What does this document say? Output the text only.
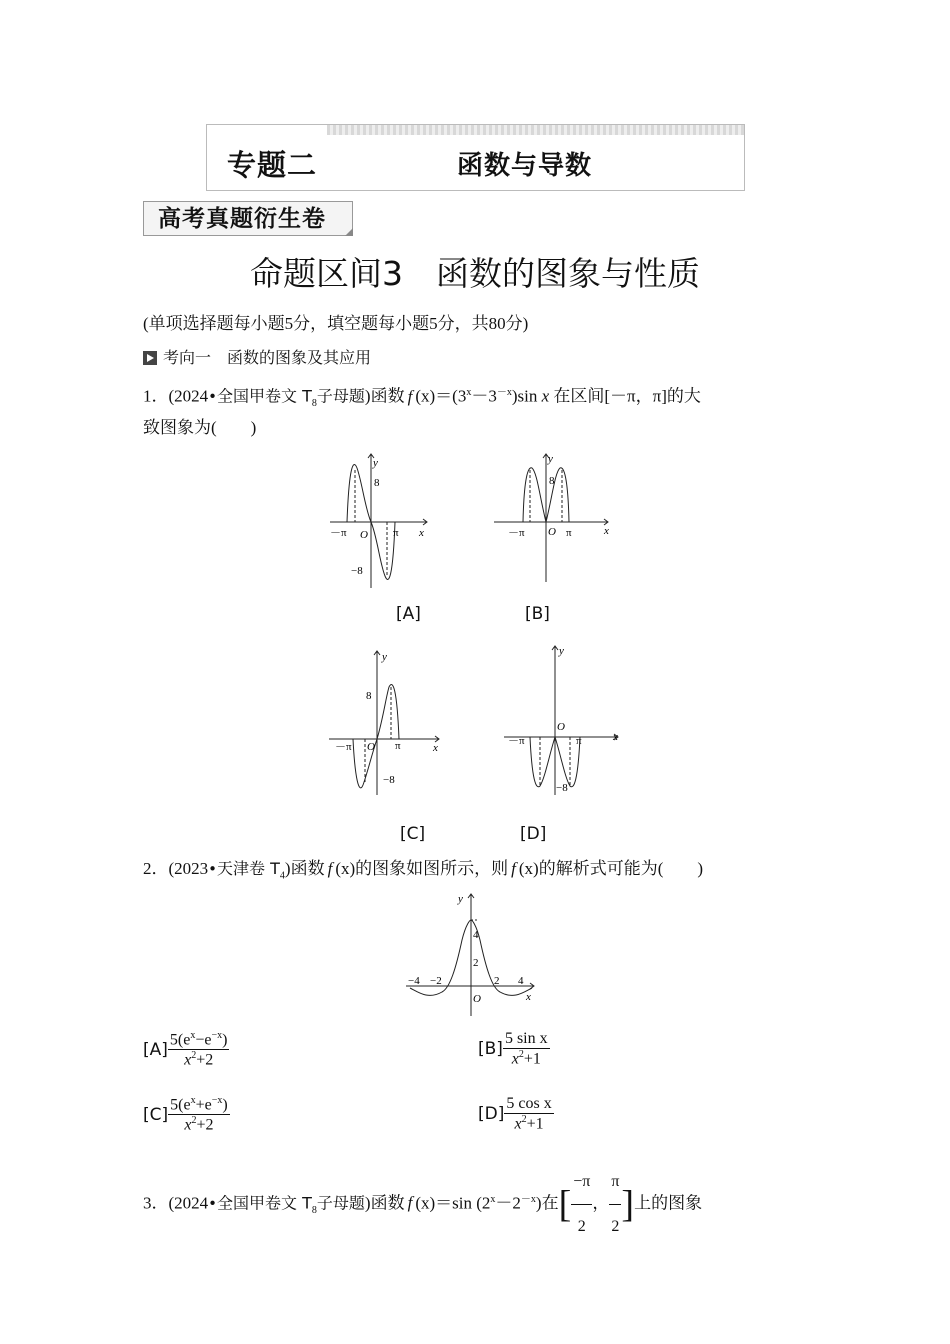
专题二	函数与导数
高考真题衍生卷
命题区间3　函数的图象与性质
(单项选择题每小题5分，填空题每小题5分，共80分)
考向一　函数的图象及其应用
1．(2024•全国甲卷文 $T_8$子母题)函数 f $(x)=(3^x-3^{-x})\sin$ x 在区间[－π，π]的大
致图象为(　　)
y
x
8
−8
－π O π
y
x
8
－π O π
[A]	[B]
y
x
8
−8
－π O π
y
x
−8
－π
O
π
[C]	[D]
2．(2023•天津卷 $T_4$)函数 f (x)的图象如图所示，则 f (x)的解析式可能为(　　)
y
x
4
2
−4 −2	2 4
O
$[A] \frac{5(e^x-e^{-x})}{x^2+2}$	$[B] \frac{\text{5 sin x}}{x^2+1}$
$[C] \frac{5(e^x+e^{-x})}{x^2+2}$	$[D] \frac{\text{5 cos x}}{x^2+1}$
3．(2024•全国甲卷文 $T_8$子母题)函数 f (x)＝sin $(2^x-2^{-x})$在[ $\frac{-\pi}{2}$ ， $\frac{\pi}{2}$ ]上的图象
